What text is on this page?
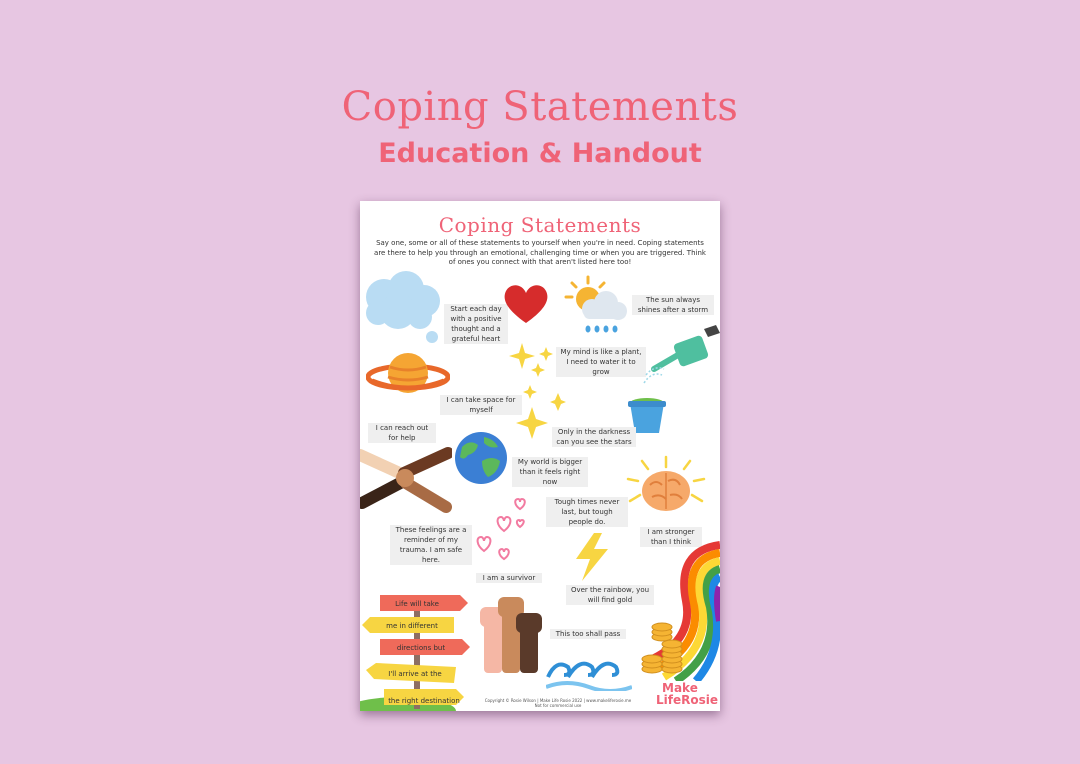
Coping Statements
Education & Handout
Coping Statements
Say one, some or all of these statements to yourself when you're in need. Coping statements are there to help you through an emotional, challenging time or when you are triggered. Think of ones you connect with that aren't listed here too!
Start each day with a positive thought and a grateful heart
The sun always shines after a storm
I can take space for myself
My mind is like a plant, I need to water it to grow
I can reach out for help
Only in the darkness can you see the stars
My world is bigger than it feels right now
Tough times never last, but tough people do.
I am stronger than I think
These feelings are a reminder of my trauma. I am safe here.
I am a survivor
Over the rainbow, you will find gold
This too shall pass
Life will take
me in different
directions but
I'll arrive at the
the right destination	Copyright © Rosie Wilson | Make Life Rosie 2022 | www.makeliferosie.me
Not for commercial use
Make
LifeRosie
